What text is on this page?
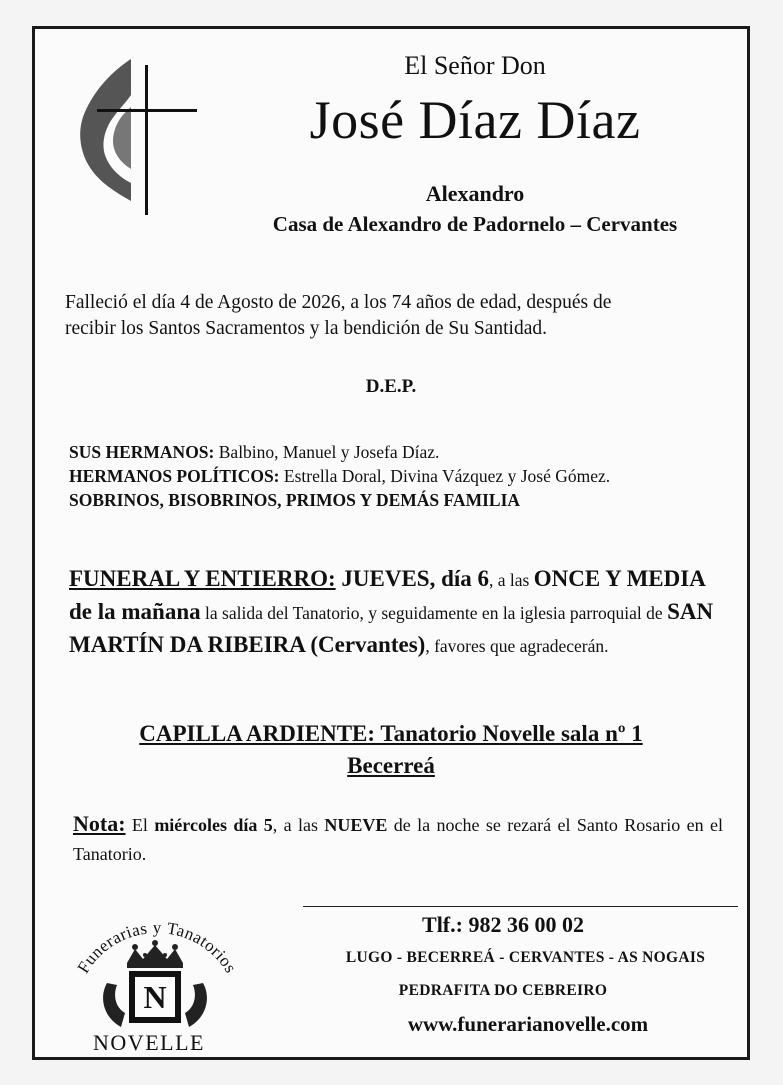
El Señor Don
José Díaz Díaz
Alexandro
Casa de Alexandro de Padornelo – Cervantes
Falleció el día 4 de Agosto de 2026, a los 74 años de edad, después de
recibir los Santos Sacramentos y la bendición de Su Santidad.
D.E.P.
SUS HERMANOS: Balbino, Manuel y Josefa Díaz.
HERMANOS POLÍTICOS: Estrella Doral, Divina Vázquez y José Gómez.
SOBRINOS, BISOBRINOS, PRIMOS Y DEMÁS FAMILIA
FUNERAL Y ENTIERRO: JUEVES, día 6, a las ONCE Y MEDIA de la mañana la salida del Tanatorio, y seguidamente en la iglesia parroquial de SAN MARTÍN DA RIBEIRA (Cervantes), favores que agradecerán.
CAPILLA ARDIENTE: Tanatorio Novelle sala nº 1
Becerreá
Nota: El miércoles día 5, a las NUEVE de la noche se rezará el Santo Rosario en el Tanatorio.
Tlf.: 982 36 00 02
LUGO - BECERREÁ - CERVANTES - AS NOGAIS
PEDRAFITA DO CEBREIRO
www.funerarianovelle.com
Funerarias y Tanatorios
N
NOVELLE
